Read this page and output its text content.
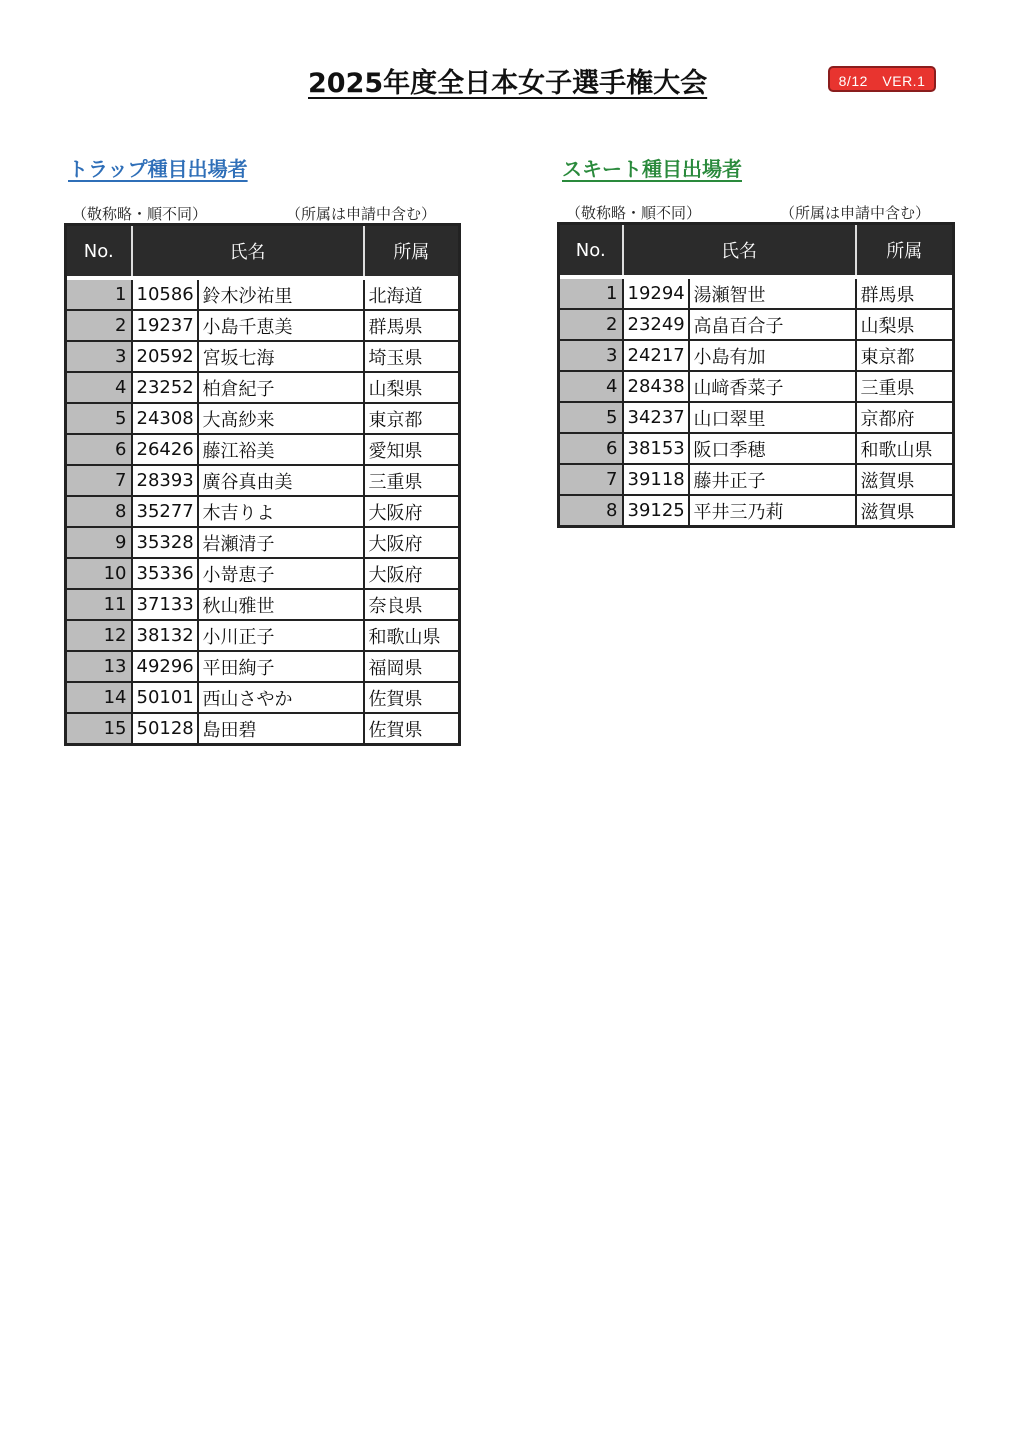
2025年度全日本女子選手権大会	8/12　VER.1
トラップ種目出場者	スキート種目出場者
（敬称略・順不同）	（所属は申請中含む）	（敬称略・順不同）	（所属は申請中含む）
No.	氏名		所属

1	10586	鈴木沙祐里	北海道
2	19237	小島千恵美	群馬県
3	20592	宮坂七海	埼玉県
4	23252	柏倉紀子	山梨県
5	24308	大髙紗来	東京都
6	26426	藤江裕美	愛知県
7	28393	廣谷真由美	三重県
8	35277	木吉りよ	大阪府
9	35328	岩瀬清子	大阪府
10	35336	小嵜恵子	大阪府
11	37133	秋山雅世	奈良県
12	38132	小川正子	和歌山県
13	49296	平田絢子	福岡県
14	50101	西山さやか	佐賀県
15	50128	島田碧	佐賀県
No.	氏名		所属

1	19294	湯瀬智世	群馬県
2	23249	高畠百合子	山梨県
3	24217	小島有加	東京都
4	28438	山﨑香菜子	三重県
5	34237	山口翠里	京都府
6	38153	阪口季穂	和歌山県
7	39118	藤井正子	滋賀県
8	39125	平井三乃莉	滋賀県
